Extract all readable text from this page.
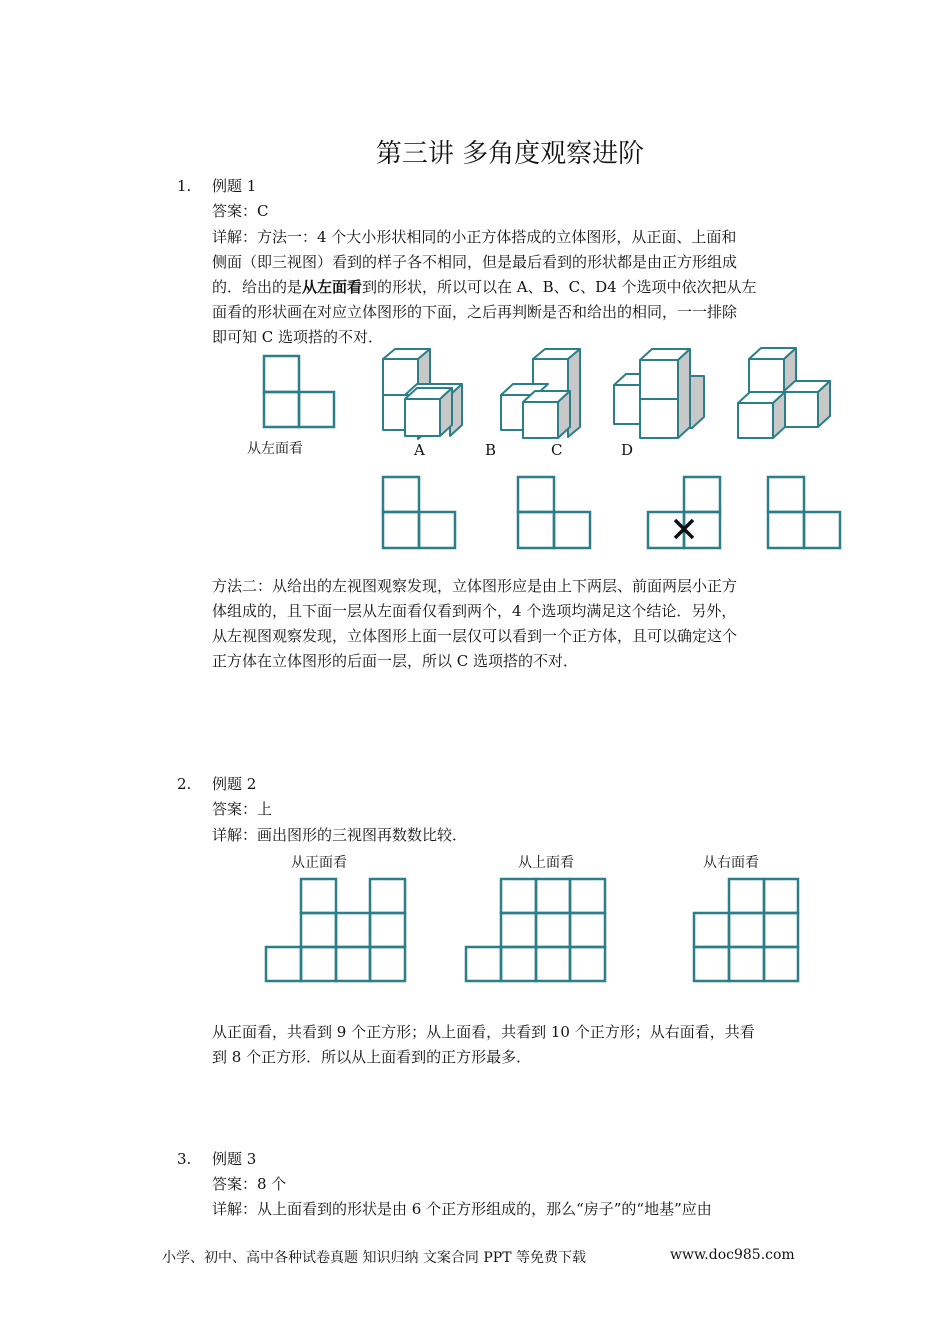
第三讲 多角度观察进阶
1. 例题 1
答案：C
详解：方法一：4 个大小形状相同的小正方体搭成的立体图形，从正面、上面和
侧面（即三视图）看到的样子各不相同，但是最后看到的形状都是由正方形组成
的．给出的是从左面看到的形状，所以可以在 A、B、C、D4 个选项中依次把从左
面看的形状画在对应立体图形的下面，之后再判断是否和给出的相同，一一排除
即可知 C 选项搭的不对．
从左面看	A	B	C	D
方法二：从给出的左视图观察发现，立体图形应是由上下两层、前面两层小正方
体组成的，且下面一层从左面看仅看到两个，4 个选项均满足这个结论．另外，
从左视图观察发现，立体图形上面一层仅可以看到一个正方体，且可以确定这个
正方体在立体图形的后面一层，所以 C 选项搭的不对．
2. 例题 2
答案：上
详解：画出图形的三视图再数数比较．
从正面看	从上面看	从右面看
从正面看，共看到 9 个正方形；从上面看，共看到 10 个正方形；从右面看，共看
到 8 个正方形．所以从上面看到的正方形最多．
3. 例题 3
答案：8 个
详解：从上面看到的形状是由 6 个正方形组成的，那么“房子”的“地基”应由
小学、初中、高中各种试卷真题 知识归纳 文案合同 PPT 等免费下载	www.doc985.com
